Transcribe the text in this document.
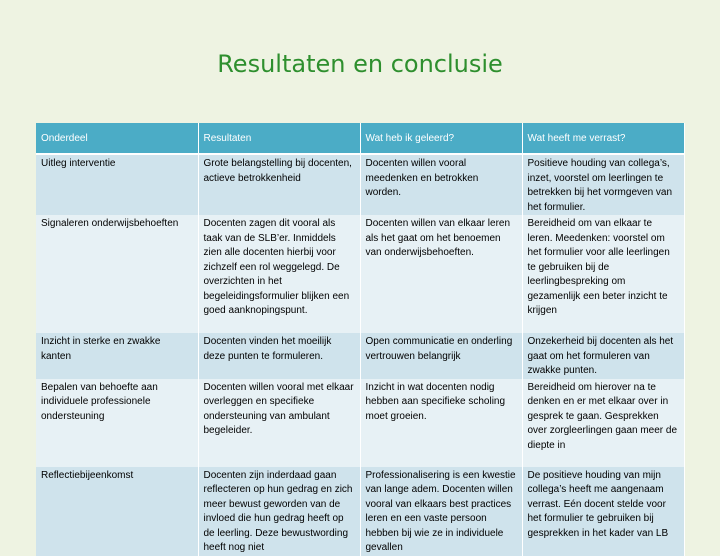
Resultaten en conclusie
Onderdeel	Resultaten	Wat heb ik geleerd?	Wat heeft me verrast?
Uitleg interventie	Grote belangstelling bij docenten, actieve betrokkenheid	Docenten willen vooral meedenken en betrokken worden.	Positieve houding van collega’s, inzet, voorstel om leerlingen te betrekken bij het vormgeven van het formulier.
Signaleren onderwijsbehoeften	Docenten zagen dit vooral als taak van de SLB’er. Inmiddels zien alle docenten hierbij voor zichzelf een rol weggelegd. De overzichten in het begeleidingsformulier blijken een goed aanknopingspunt.	Docenten willen van elkaar leren als het gaat om het benoemen van onderwijsbehoeften.	Bereidheid om van elkaar te leren. Meedenken: voorstel om het formulier voor alle leerlingen te gebruiken bij de leerlingbespreking om gezamenlijk een beter inzicht te krijgen
Inzicht in sterke en zwakke kanten	Docenten vinden het moeilijk deze punten te formuleren.	Open communicatie en onderling vertrouwen belangrijk	Onzekerheid bij docenten als het gaat om het formuleren van zwakke punten.
Bepalen van behoefte aan individuele professionele ondersteuning	Docenten willen vooral met elkaar overleggen en specifieke ondersteuning van ambulant begeleider.	Inzicht in wat docenten nodig hebben aan specifieke scholing moet groeien.	Bereidheid om hierover na te denken en er met elkaar over in gesprek te gaan. Gesprekken over zorgleerlingen gaan meer de diepte in
Reflectiebijeenkomst	Docenten zijn inderdaad gaan reflecteren op hun gedrag en zich meer bewust geworden van de invloed die hun gedrag heeft op de leerling. Deze bewustwording heeft nog niet	Professionalisering is een kwestie van lange adem. Docenten willen vooral van elkaars best practices leren en een vaste persoon hebben bij wie ze in individuele gevallen	De positieve houding van mijn collega’s heeft me aangenaam verrast. Eén docent stelde voor het formulier te gebruiken bij gesprekken in het kader van LB
